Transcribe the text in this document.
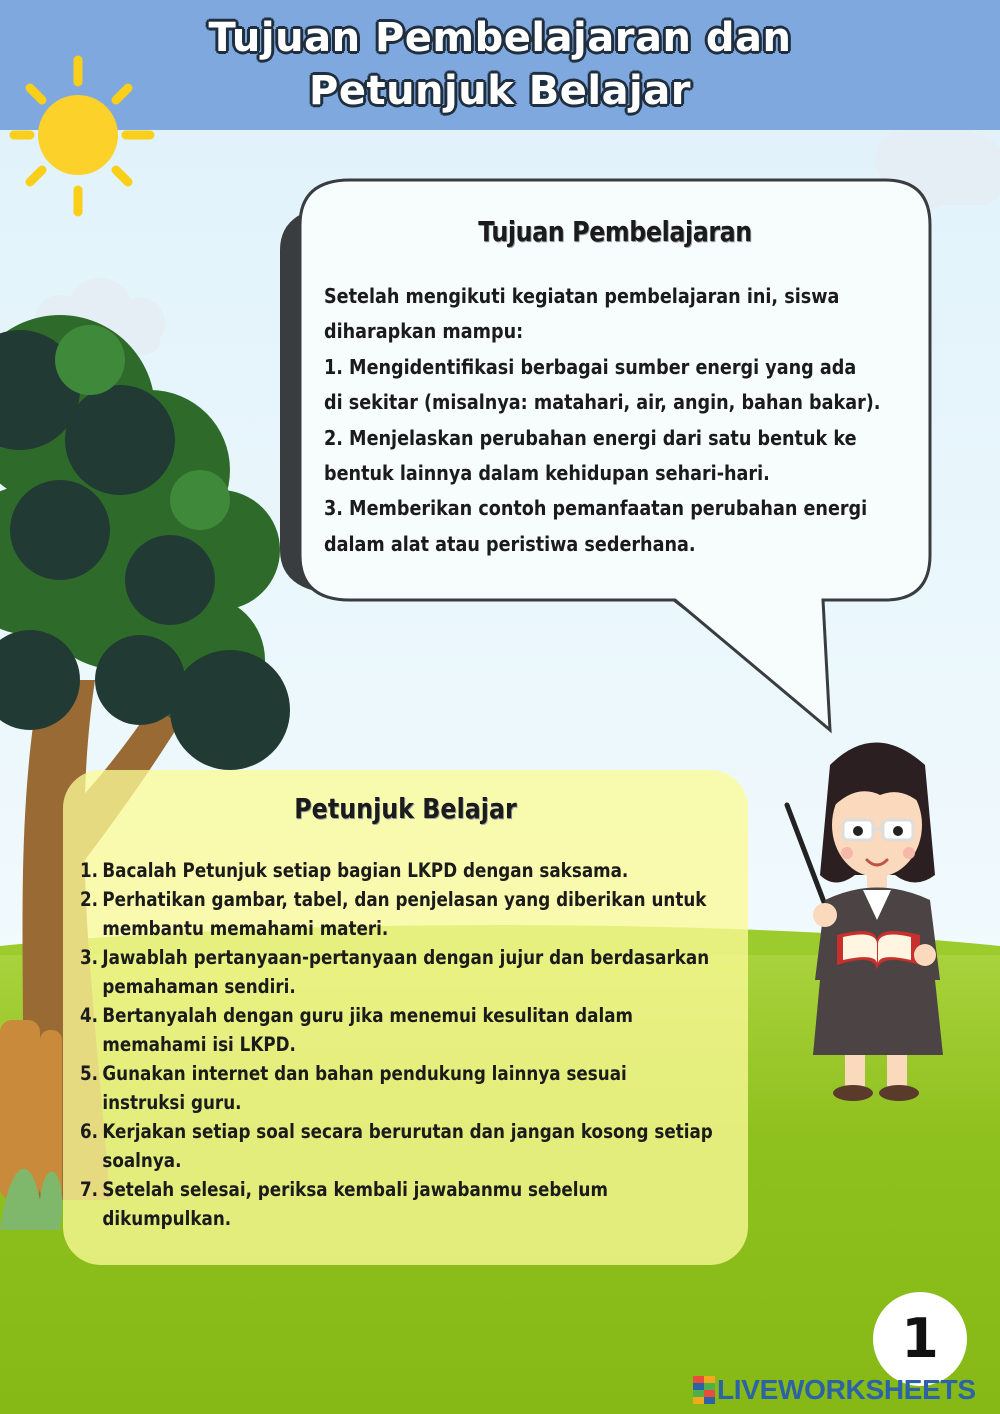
Tujuan Pembelajaran dan
Petunjuk Belajar
Tujuan Pembelajaran
Setelah mengikuti kegiatan pembelajaran ini, siswa
diharapkan mampu:
1. Mengidentifikasi berbagai sumber energi yang ada
di sekitar (misalnya: matahari, air, angin, bahan bakar).
2. Menjelaskan perubahan energi dari satu bentuk ke
bentuk lainnya dalam kehidupan sehari-hari.
3. Memberikan contoh pemanfaatan perubahan energi
dalam alat atau peristiwa sederhana.
Petunjuk Belajar
1. Bacalah Petunjuk setiap bagian LKPD dengan saksama.
2. Perhatikan gambar, tabel, dan penjelasan yang diberikan untuk
membantu memahami materi.
3. Jawablah pertanyaan-pertanyaan dengan jujur dan berdasarkan
pemahaman sendiri.
4. Bertanyalah dengan guru jika menemui kesulitan dalam
memahami isi LKPD.
5. Gunakan internet dan bahan pendukung lainnya sesuai
instruksi guru.
6. Kerjakan setiap soal secara berurutan dan jangan kosong setiap
soalnya.
7. Setelah selesai, periksa kembali jawabanmu sebelum
dikumpulkan.
1
LIVEWORKSHEETS
